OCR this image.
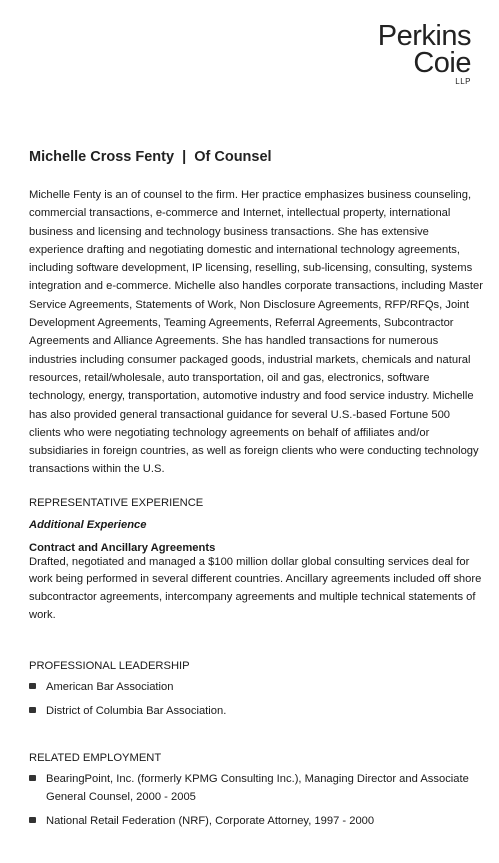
Perkins
Coie
LLP
Michelle Cross Fenty | Of Counsel

Michelle Fenty is an of counsel to the firm. Her practice emphasizes business counseling, commercial transactions, e-commerce and Internet, intellectual property, international business and licensing and technology business transactions. She has extensive experience drafting and negotiating domestic and international technology agreements, including software development, IP licensing, reselling, sub-licensing, consulting, systems integration and e-commerce. Michelle also handles corporate transactions, including Master Service Agreements, Statements of Work, Non Disclosure Agreements, RFP/RFQs, Joint Development Agreements, Teaming Agreements, Referral Agreements, Subcontractor Agreements and Alliance Agreements. She has handled transactions for numerous industries including consumer packaged goods, industrial markets, chemicals and natural resources, retail/wholesale, auto transportation, oil and gas, electronics, software technology, energy, transportation, automotive industry and food service industry. Michelle has also provided general transactional guidance for several U.S.-based Fortune 500 clients who were negotiating technology agreements on behalf of affiliates and/or subsidiaries in foreign countries, as well as foreign clients who were conducting technology transactions within the U.S.

REPRESENTATIVE EXPERIENCE

Additional Experience

Contract and Ancillary Agreements

Drafted, negotiated and managed a $100 million dollar global consulting services deal for work being performed in several different countries. Ancillary agreements included off shore subcontractor agreements, intercompany agreements and multiple technical statements of work.

PROFESSIONAL LEADERSHIP

American Bar Association
District of Columbia Bar Association.

RELATED EMPLOYMENT

BearingPoint, Inc. (formerly KPMG Consulting Inc.), Managing Director and Associate General Counsel, 2000 - 2005
National Retail Federation (NRF), Corporate Attorney, 1997 - 2000
